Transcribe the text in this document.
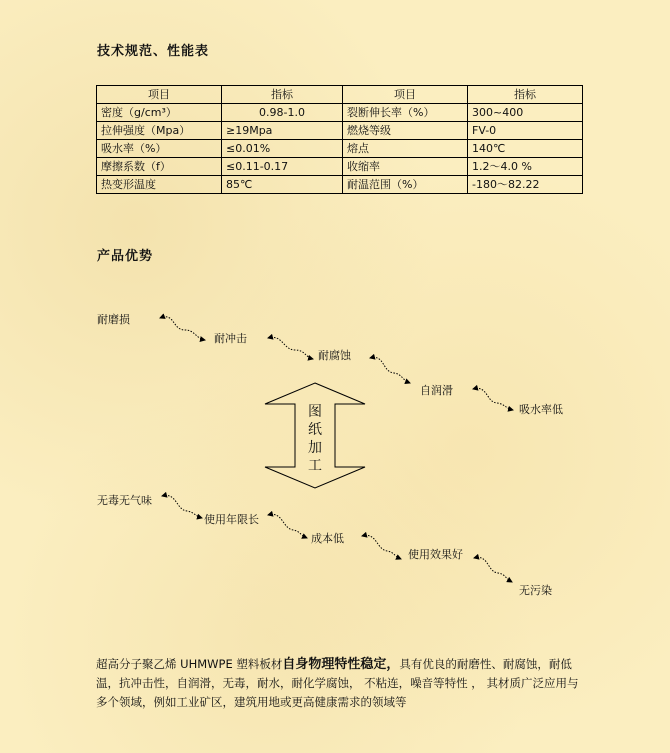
技术规范、性能表
项目	指标	项目	指标
密度（g/cm³）	0.98-1.0	裂断伸长率（%）	300~400
拉伸强度（Mpa）	≥19Mpa	燃烧等级	FV-0
吸水率（%）	≤0.01%	熔点	140℃
摩擦系数（f）	≤0.11-0.17	收缩率	1.2～4.0 %
热变形温度	85℃	耐温范围（%）	-180～82.22
产品优势
耐磨损
耐冲击
耐腐蚀
自润滑
吸水率低
图
纸
加
工
无毒无气味
使用年限长
成本低
使用效果好
无污染
超高分子聚乙烯 UHMWPE 塑料板材自身物理特性稳定，具有优良的耐磨性、耐腐蚀，耐低温，抗冲击性，自润滑，无毒，耐水，耐化学腐蚀， 不粘连，噪音等特性 ， 其材质广泛应用与多个领域，例如工业矿区，建筑用地或更高健康需求的领域等
